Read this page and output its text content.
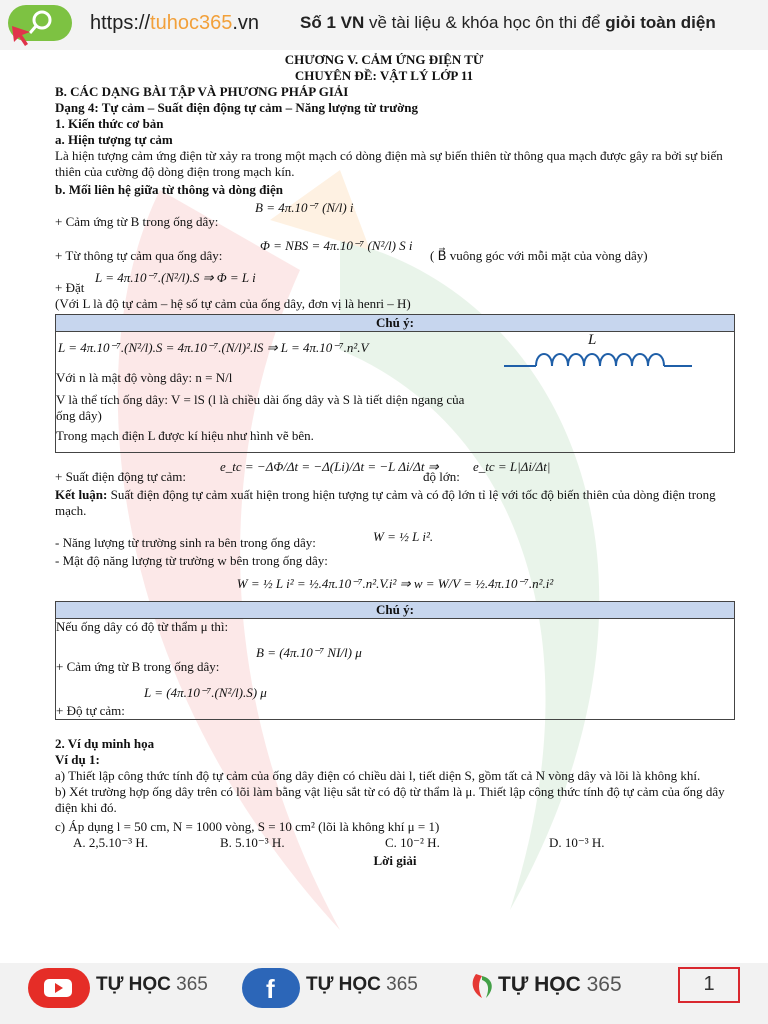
https://tuhoc365.vn Số 1 VN về tài liệu & khóa học ôn thi để giỏi toàn diện
CHƯƠNG V. CẢM ỨNG ĐIỆN TỪ
CHUYÊN ĐỀ: VẬT LÝ LỚP 11
B. CÁC DẠNG BÀI TẬP VÀ PHƯƠNG PHÁP GIẢI
Dạng 4: Tự cảm – Suất điện động tự cảm – Năng lượng từ trường
1. Kiến thức cơ bản
a. Hiện tượng tự cảm
Là hiện tượng cảm ứng điện từ xảy ra trong một mạch có dòng điện mà sự biến thiên từ thông qua mạch được gây ra bởi sự biến thiên của cường độ dòng điện trong mạch kín.
b. Mối liên hệ giữa từ thông và dòng điện
+ Cảm ứng từ B trong ống dây:
B = 4π.10⁻⁷ (N/l) i
+ Từ thông tự cảm qua ống dây:
Φ = NBS = 4π.10⁻⁷ (N²/l) S i
( B⃗ vuông góc với mỗi mặt của vòng dây)
+ Đặt
L = 4π.10⁻⁷.(N²/l).S ⇒ Φ = L i
(Với L là độ tự cảm – hệ số tự cảm của ống dây, đơn vị là henri – H)
Chú ý:
L = 4π.10⁻⁷.(N²/l).S = 4π.10⁻⁷.(N/l)².lS ⇒ L = 4π.10⁻⁷.n².V
Với n là mật độ vòng dây: n = N/l
V là thể tích ống dây: V = lS (l là chiều dài ống dây và S là tiết diện ngang của ống dây)
Trong mạch điện L được kí hiệu như hình vẽ bên.
L
+ Suất điện động tự cảm:
e_tc = −ΔΦ/Δt = −Δ(Li)/Δt = −L Δi/Δt ⇒
độ lớn:
e_tc = L|Δi/Δt|
Kết luận: Suất điện động tự cảm xuất hiện trong hiện tượng tự cảm và có độ lớn tỉ lệ với tốc độ biến thiên của dòng điện trong mạch.
- Năng lượng từ trường sinh ra bên trong ống dây:	W = ½ L i².
- Mật độ năng lượng từ trường w bên trong ống dây:
W = ½ L i² = ½.4π.10⁻⁷.n².V.i² ⇒ w = W/V = ½.4π.10⁻⁷.n².i²
Chú ý:
Nếu ống dây có độ từ thẩm μ thì:
+ Cảm ứng từ B trong ống dây:
B = (4π.10⁻⁷ NI/l) μ
+ Độ tự cảm:
L = (4π.10⁻⁷.(N²/l).S) μ
2. Ví dụ minh họa
Ví dụ 1:
a) Thiết lập công thức tính độ tự cảm của ống dây điện có chiều dài l, tiết diện S, gồm tất cả N vòng dây và lõi là không khí.
b) Xét trường hợp ống dây trên có lõi làm bằng vật liệu sắt từ có độ từ thẩm là μ. Thiết lập công thức tính độ tự cảm của ống dây điện khi đó.
c) Áp dụng l = 50 cm, N = 1000 vòng, S = 10 cm² (lõi là không khí μ = 1)
A. 2,5.10⁻³ H.	B. 5.10⁻³ H.	C. 10⁻² H.	D. 10⁻³ H.
Lời giải
TỰ HỌC 365 f TỰ HỌC 365	TỰ HỌC 365	1
